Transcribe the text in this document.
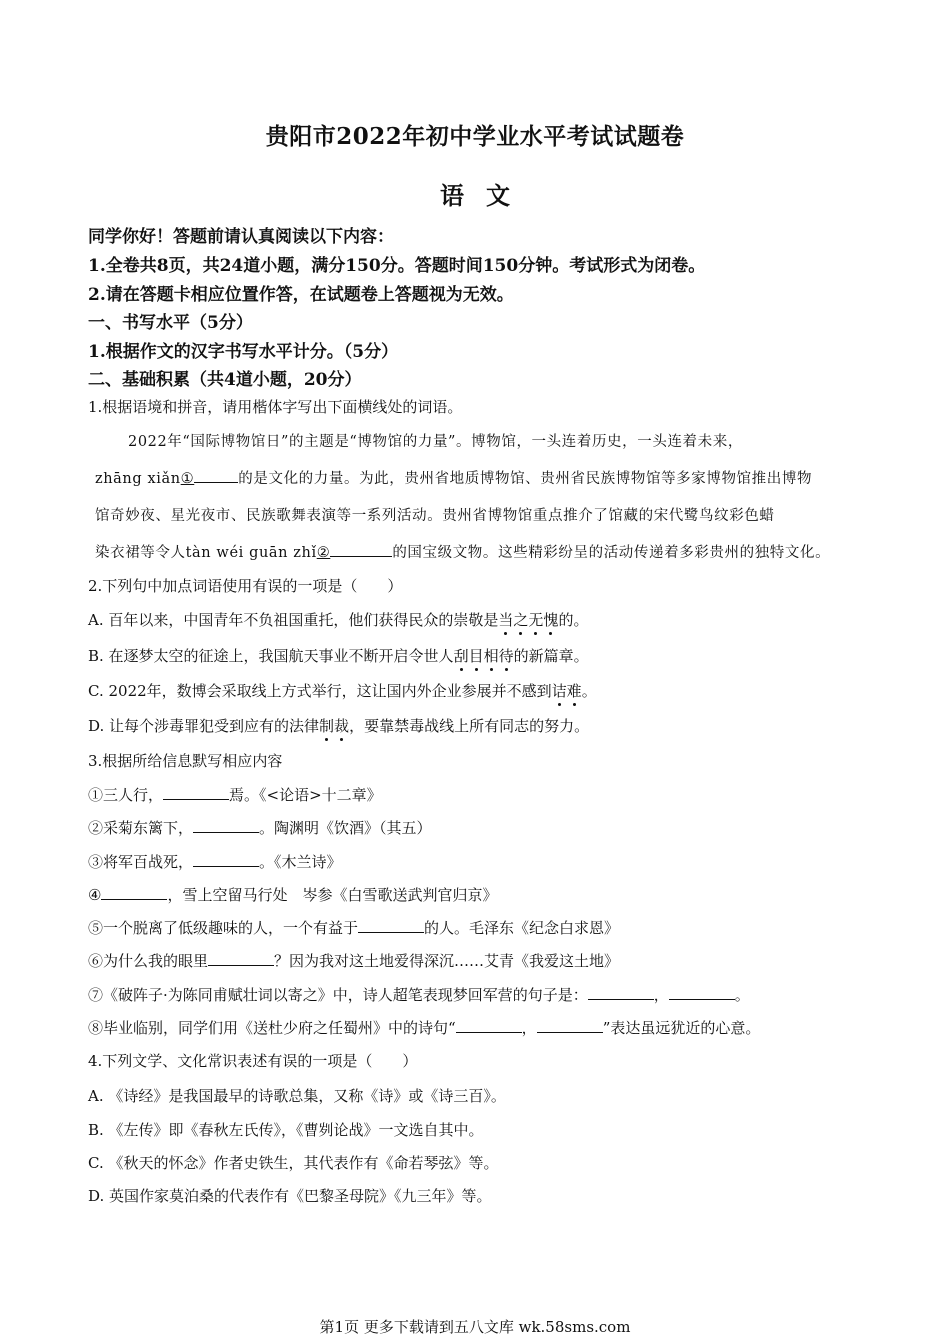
贵阳市2022年初中学业水平考试试题卷
语文
同学你好！答题前请认真阅读以下内容：
1.全卷共8页，共24道小题，满分150分。答题时间150分钟。考试形式为闭卷。
2.请在答题卡相应位置作答，在试题卷上答题视为无效。
一、书写水平（5分）
1.根据作文的汉字书写水平计分。（5分）
二、基础积累（共4道小题，20分）
1.根据语境和拼音，请用楷体字写出下面横线处的词语。
2022年“国际博物馆日”的主题是“博物馆的力量”。博物馆，一头连着历史，一头连着未来，
zhāng xiǎn①	的是文化的力量。为此，贵州省地质博物馆、贵州省民族博物馆等多家博物馆推出博物
馆奇妙夜、星光夜市、民族歌舞表演等一系列活动。贵州省博物馆重点推介了馆藏的宋代鹭鸟纹彩色蜡
染衣裙等令人tàn wéi guān zhǐ②	的国宝级文物。这些精彩纷呈的活动传递着多彩贵州的独特文化。
2.下列句中加点词语使用有误的一项是（　　）
A. 百年以来，中国青年不负祖国重托，他们获得民众的崇敬是当之无愧的。
B. 在逐梦太空的征途上，我国航天事业不断开启令世人刮目相待的新篇章。
C. 2022年，数博会采取线上方式举行，这让国内外企业参展并不感到诘难。
D. 让每个涉毒罪犯受到应有的法律制裁，要靠禁毒战线上所有同志的努力。
3.根据所给信息默写相应内容
①三人行，	焉。《<论语>十二章》
②采菊东篱下，	。陶渊明《饮酒》（其五）
③将军百战死，	。《木兰诗》
④	，雪上空留马行处　岑参《白雪歌送武判官归京》
⑤一个脱离了低级趣味的人，一个有益于	的人。毛泽东《纪念白求恩》
⑥为什么我的眼里	？因为我对这土地爱得深沉……艾青《我爱这土地》
⑦《破阵子·为陈同甫赋壮词以寄之》中，诗人超笔表现梦回军营的句子是：	，	。
⑧毕业临别，同学们用《送杜少府之任蜀州》中的诗句“	，	”表达虽远犹近的心意。
4.下列文学、文化常识表述有误的一项是（　　）
A. 《诗经》是我国最早的诗歌总集，又称《诗》或《诗三百》。
B. 《左传》即《春秋左氏传》，《曹刿论战》一文选自其中。
C. 《秋天的怀念》作者史铁生，其代表作有《命若琴弦》等。
D. 英国作家莫泊桑的代表作有《巴黎圣母院》《九三年》等。
第1页 更多下载请到五八文库 wk.58sms.com
